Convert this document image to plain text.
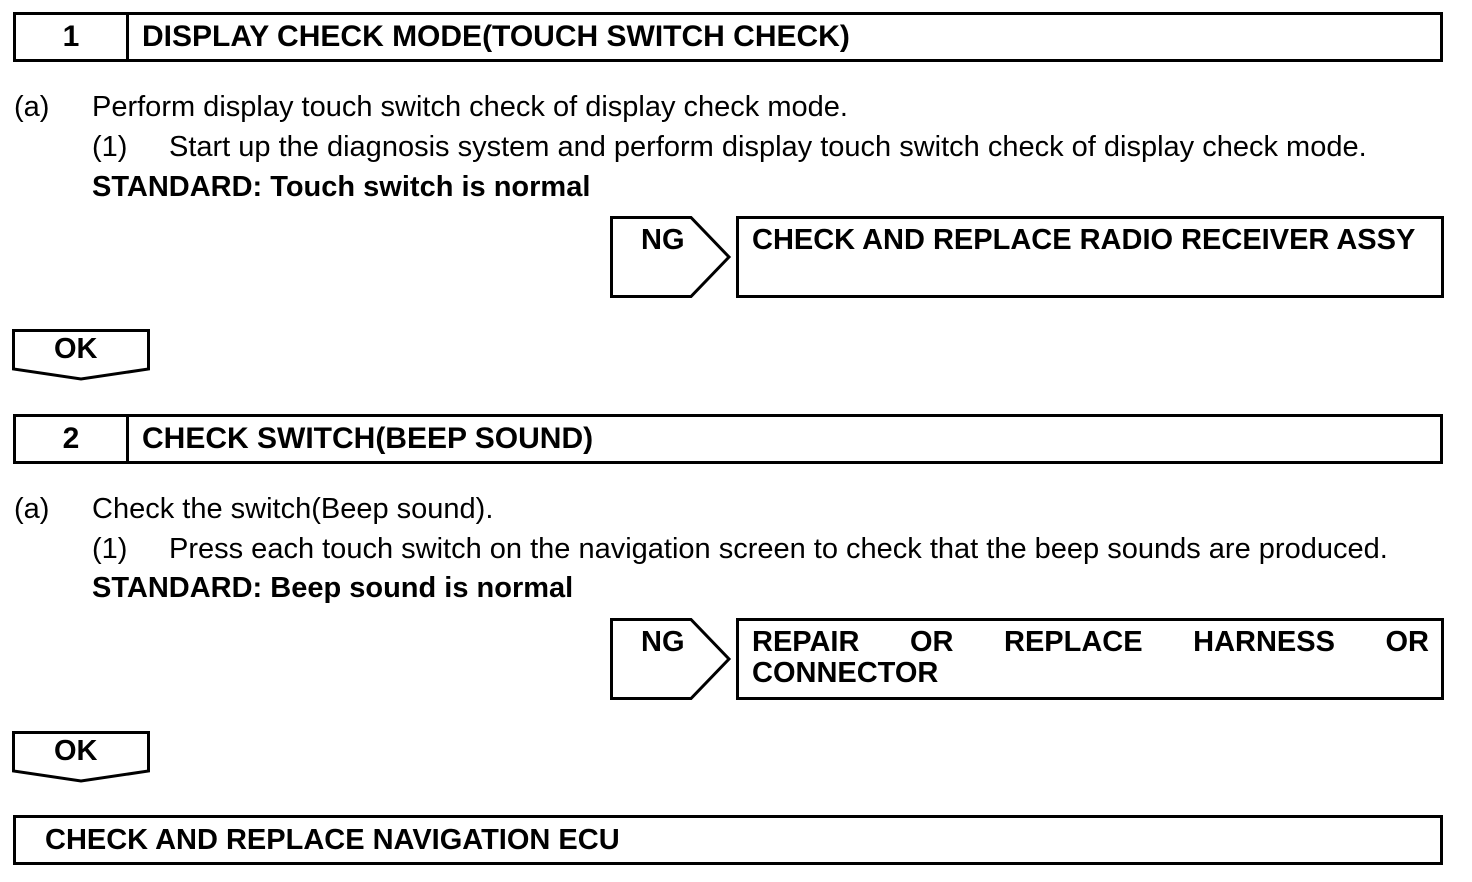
1	DISPLAY CHECK MODE(TOUCH SWITCH CHECK)
(a) Perform display touch switch check of display check mode.
(1) Start up the diagnosis system and perform display touch switch check of display check mode.
STANDARD: Touch switch is normal
NG	CHECK AND REPLACE RADIO RECEIVER ASSY
OK
2	CHECK SWITCH(BEEP SOUND)
(a) Check the switch(Beep sound).
(1) Press each touch switch on the navigation screen to check that the beep sounds are produced.
STANDARD: Beep sound is normal
NG	REPAIR OR REPLACE HARNESS OR CONNECTOR
OK
CHECK AND REPLACE NAVIGATION ECU
